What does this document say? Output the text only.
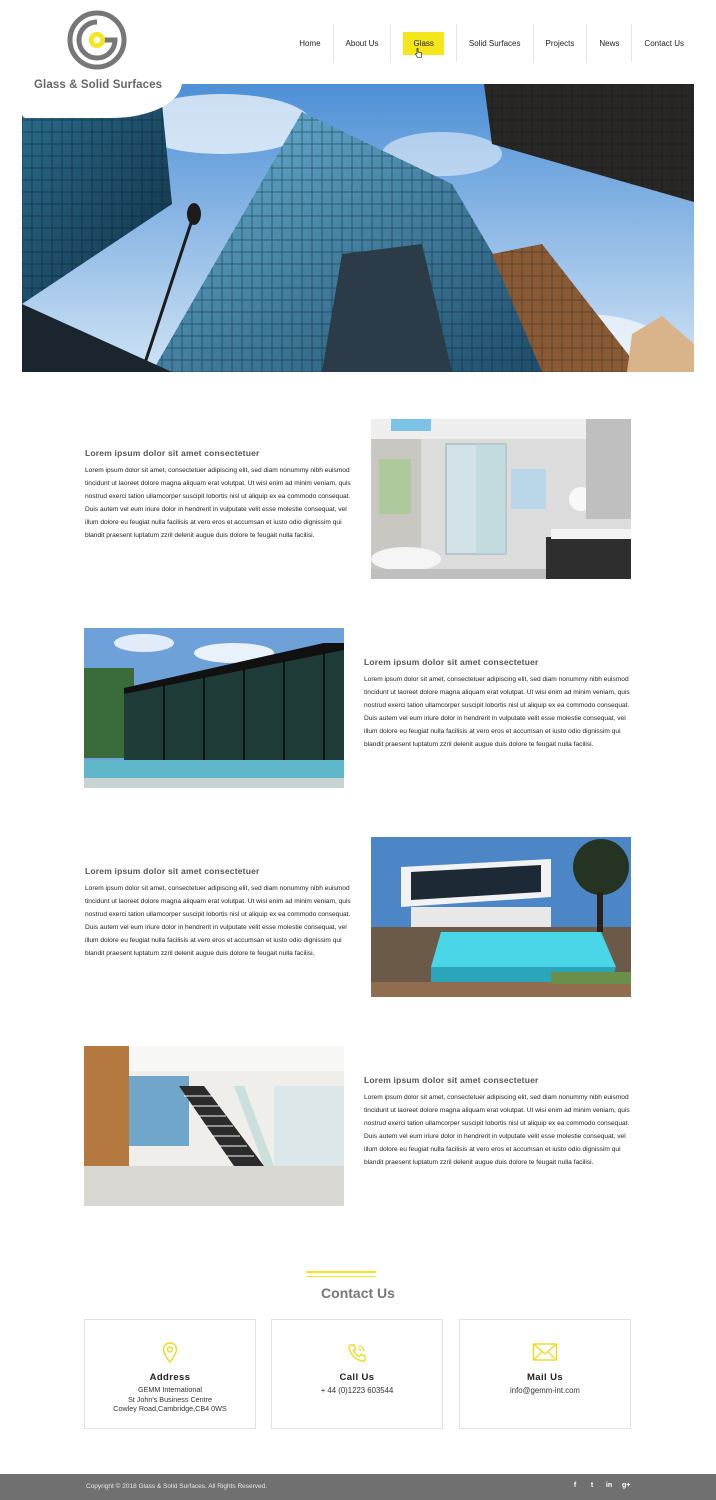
Glass & Solid Surfaces
Home	About Us	Glass	Solid Surfaces	Projects	News	Contact Us
Lorem ipsum dolor sit amet consectetuer

Lorem ipsum dolor sit amet, consectetuer adipiscing elit, sed diam nonummy nibh euismod tincidunt ut laoreet dolore magna aliquam erat volutpat. Ut wisi enim ad minim veniam, quis nostrud exerci tation ullamcorper suscipit lobortis nisl ut aliquip ex ea commodo consequat. Duis autem vel eum iriure dolor in hendrerit in vulputate velit esse molestie consequat, vel illum dolore eu feugiat nulla facilisis at vero eros et accumsan et iusto odio dignissim qui blandit praesent luptatum zzril delenit augue duis dolore te feugait nulla facilisi.

Lorem ipsum dolor sit amet consectetuer

Lorem ipsum dolor sit amet, consectetuer adipiscing elit, sed diam nonummy nibh euismod tincidunt ut laoreet dolore magna aliquam erat volutpat. Ut wisi enim ad minim veniam, quis nostrud exerci tation ullamcorper suscipit lobortis nisl ut aliquip ex ea commodo consequat. Duis autem vel eum iriure dolor in hendrerit in vulputate velit esse molestie consequat, vel illum dolore eu feugiat nulla facilisis at vero eros et accumsan et iusto odio dignissim qui blandit praesent luptatum zzril delenit augue duis dolore te feugait nulla facilisi.

Lorem ipsum dolor sit amet consectetuer

Lorem ipsum dolor sit amet, consectetuer adipiscing elit, sed diam nonummy nibh euismod tincidunt ut laoreet dolore magna aliquam erat volutpat. Ut wisi enim ad minim veniam, quis nostrud exerci tation ullamcorper suscipit lobortis nisl ut aliquip ex ea commodo consequat. Duis autem vel eum iriure dolor in hendrerit in vulputate velit esse molestie consequat, vel illum dolore eu feugiat nulla facilisis at vero eros et accumsan et iusto odio dignissim qui blandit praesent luptatum zzril delenit augue duis dolore te feugait nulla facilisi.

Lorem ipsum dolor sit amet consectetuer

Lorem ipsum dolor sit amet, consectetuer adipiscing elit, sed diam nonummy nibh euismod tincidunt ut laoreet dolore magna aliquam erat volutpat. Ut wisi enim ad minim veniam, quis nostrud exerci tation ullamcorper suscipit lobortis nisl ut aliquip ex ea commodo consequat. Duis autem vel eum iriure dolor in hendrerit in vulputate velit esse molestie consequat, vel illum dolore eu feugiat nulla facilisis at vero eros et accumsan et iusto odio dignissim qui blandit praesent luptatum zzril delenit augue duis dolore te feugait nulla facilisi.

Contact Us
Address
GEMM International
St John's Business Centre
Cowley Road,Cambridge,CB4 0WS
Call Us
+ 44 (0)1223 603544
Mail Us
info@gemm-int.com
Copyright © 2018 Glass & Solid Surfaces. All Rights Reserved.	f	t	in g+
